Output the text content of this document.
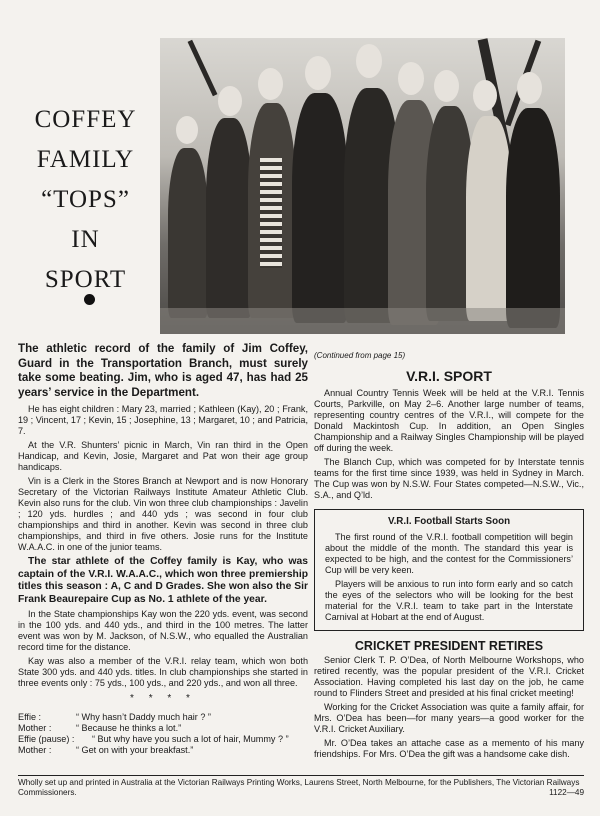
COFFEY
FAMILY
“TOPS”
IN
SPORT
The athletic record of the family of Jim Coffey, Guard in the Transportation Branch, must surely take some beating. Jim, who is aged 47, has had 25 years’ service in the Department.

He has eight children : Mary 23, married ; Kathleen (Kay), 20 ; Frank, 19 ; Vincent, 17 ; Kevin, 15 ; Josephine, 13 ; Margaret, 10 ; and Patricia, 7.

At the V.R. Shunters’ picnic in March, Vin ran third in the Open Handicap, and Kevin, Josie, Margaret and Pat won their age group handicaps.

Vin is a Clerk in the Stores Branch at Newport and is now Honorary Secretary of the Victorian Railways Institute Amateur Athletic Club. Kevin also runs for the club. Vin won three club championships : Javelin ; 120 yds. hurdles ; and 440 yds ; was second in four club championships and third in another. Kevin was second in three club championships, and third in five others. Josie runs for the Institute W.A.A.C. in one of the junior teams.

The star athlete of the Coffey family is Kay, who was captain of the V.R.I. W.A.A.C., which won three premiership titles this season : A, C and D Grades. She won also the Sir Frank Beaurepaire Cup as No. 1 athlete of the year.

In the State championships Kay won the 220 yds. event, was second in the 100 yds. and 440 yds., and third in the 100 metres. The latter event was won by M. Jackson, of N.S.W., who equalled the Australian record time for the distance.

Kay was also a member of the V.R.I. relay team, which won both State 300 yds. and 440 yds. titles. In club championships she started in three events only : 75 yds., 100 yds., and 220 yds., and won all three.

* * * *
Effie :	“ Why hasn’t Daddy much hair ? ”
Mother :	“ Because he thinks a lot.”
Effie (pause) :	“ But why have you such a lot of hair, Mummy ? ”
Mother :	“ Get on with your breakfast.”
(Continued from page 15)
V.R.I. SPORT

Annual Country Tennis Week will be held at the V.R.I. Tennis Courts, Parkville, on May 2–6. Another large number of teams, representing country centres of the V.R.I., will compete for the Donald Mackintosh Cup. In addition, an Open Singles Championship and a Railway Singles Championship will be played off during the week.

The Blanch Cup, which was competed for by Interstate tennis teams for the first time since 1939, was held in Sydney in March. The Cup was won by N.S.W. Four States competed—N.S.W., Vic., S.A., and Q’ld.

V.R.I. Football Starts Soon

The first round of the V.R.I. football competition will begin about the middle of the month. The standard this year is expected to be high, and the contest for the Commissioners’ Cup will be very keen.

Players will be anxious to run into form early and so catch the eyes of the selectors who will be looking for the best material for the V.R.I. team to take part in the Interstate Carnival at Hobart at the end of August.

CRICKET PRESIDENT RETIRES

Senior Clerk T. P. O’Dea, of North Melbourne Workshops, who retired recently, was the popular president of the V.R.I. Cricket Association. Having completed his last day on the job, he came round to Flinders Street and presided at his final cricket meeting!

Working for the Cricket Association was quite a family affair, for Mrs. O’Dea has been—for many years—a good worker for the V.R.I. Cricket Auxiliary.

Mr. O’Dea takes an attache case as a memento of his many friendships. For Mrs. O’Dea the gift was a handsome cake dish.

Wholly set up and printed in Australia at the Victorian Railways Printing Works, Laurens Street, North Melbourne, for the Publishers, The Victorian Railways Commissioners.	1122—49
